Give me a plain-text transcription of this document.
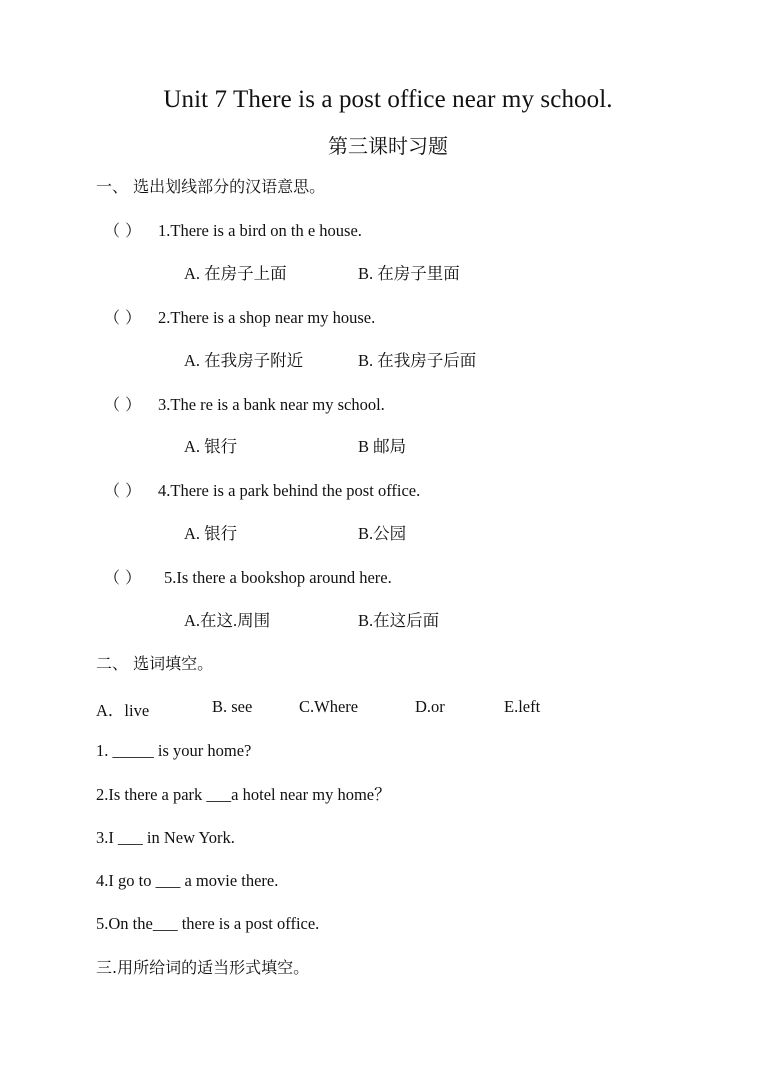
Unit 7 There is a post office near my school.
第三课时习题
一、 选出划线部分的汉语意思。
（ ） 1.There is a bird on th e house.
A. 在房子上面	B. 在房子里面
（ ） 2.There is a shop near my house.
A. 在我房子附近	B. 在我房子后面
（ ） 3.The re is a bank near my school.
A. 银行	B 邮局
（ ） 4.There is a park behind the post office.
A. 银行	B.公园
（ ） 5.Is there a bookshop around here.
A.在这.周围	B.在这后面
二、 选词填空。
A．live	B. see	C.Where	D.or	E.left
1. _____ is your home?
2.Is there a park ___a hotel near my home？
3.I ___ in New York.
4.I go to ___ a movie there.
5.On the___ there is a post office.
三.用所给词的适当形式填空。
